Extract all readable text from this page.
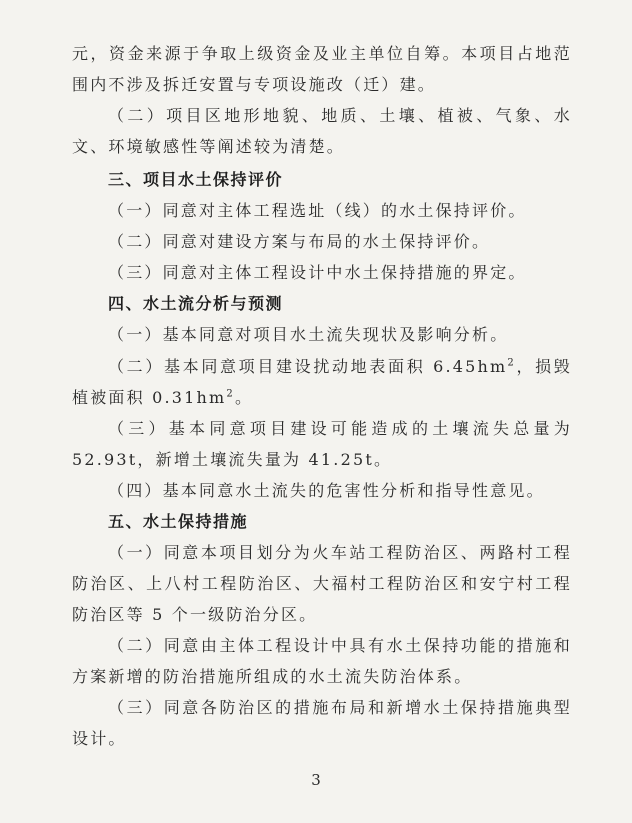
元，资金来源于争取上级资金及业主单位自筹。本项目占地范围内不涉及拆迁安置与专项设施改（迁）建。

（二）项目区地形地貌、地质、土壤、植被、气象、水文、环境敏感性等阐述较为清楚。

三、项目水土保持评价

（一）同意对主体工程选址（线）的水土保持评价。

（二）同意对建设方案与布局的水土保持评价。

（三）同意对主体工程设计中水土保持措施的界定。

四、水土流分析与预测

（一）基本同意对项目水土流失现状及影响分析。

（二）基本同意项目建设扰动地表面积 $6.45hm^2$，损毁植被面积 $0.31hm^2$。

（三）基本同意项目建设可能造成的土壤流失总量为 52.93t，新增土壤流失量为 41.25t。

（四）基本同意水土流失的危害性分析和指导性意见。

五、水土保持措施

（一）同意本项目划分为火车站工程防治区、两路村工程防治区、上八村工程防治区、大福村工程防治区和安宁村工程防治区等 5 个一级防治分区。

（二）同意由主体工程设计中具有水土保持功能的措施和方案新增的防治措施所组成的水土流失防治体系。

（三）同意各防治区的措施布局和新增水土保持措施典型设计。

3
